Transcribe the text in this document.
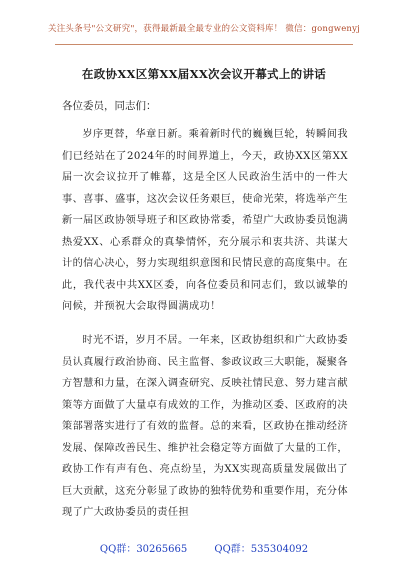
关注头条号"公文研究"，获得最新最全最专业的公文资料库！ 微信：gongwenyj
在政协XX区第XX届XX次会议开幕式上的讲话
各位委员，同志们：

岁序更替，华章日新。乘着新时代的巍巍巨轮，转瞬间我们已经站在了2024年的时间界道上，今天，政协XX区第XX届一次会议拉开了帷幕，这是全区人民政治生活中的一件大事、喜事、盛事，这次会议任务艰巨，使命光荣，将选举产生新一届区政协领导班子和区政协常委，希望广大政协委员饱满热爱XX、心系群众的真挚情怀，充分展示和衷共济、共谋大计的信心决心，努力实现组织意图和民情民意的高度集中。在此，我代表中共XX区委，向各位委员和同志们，致以诚挚的问候，并预祝大会取得圆满成功！

时光不语，岁月不居。一年来，区政协组织和广大政协委员认真履行政治协商、民主监督、参政议政三大职能，凝聚各方智慧和力量，在深入调查研究、反映社情民意、努力建言献策等方面做了大量卓有成效的工作，为推动区委、区政府的决策部署落实进行了有效的监督。总的来看，区政协在推动经济发展、保障改善民生、维护社会稳定等方面做了大量的工作，政协工作有声有色、亮点纷呈，为XX实现高质量发展做出了巨大贡献，这充分彰显了政协的独特优势和重要作用，充分体现了广大政协委员的责任担

QQ群：30265665	QQ群：535304092
